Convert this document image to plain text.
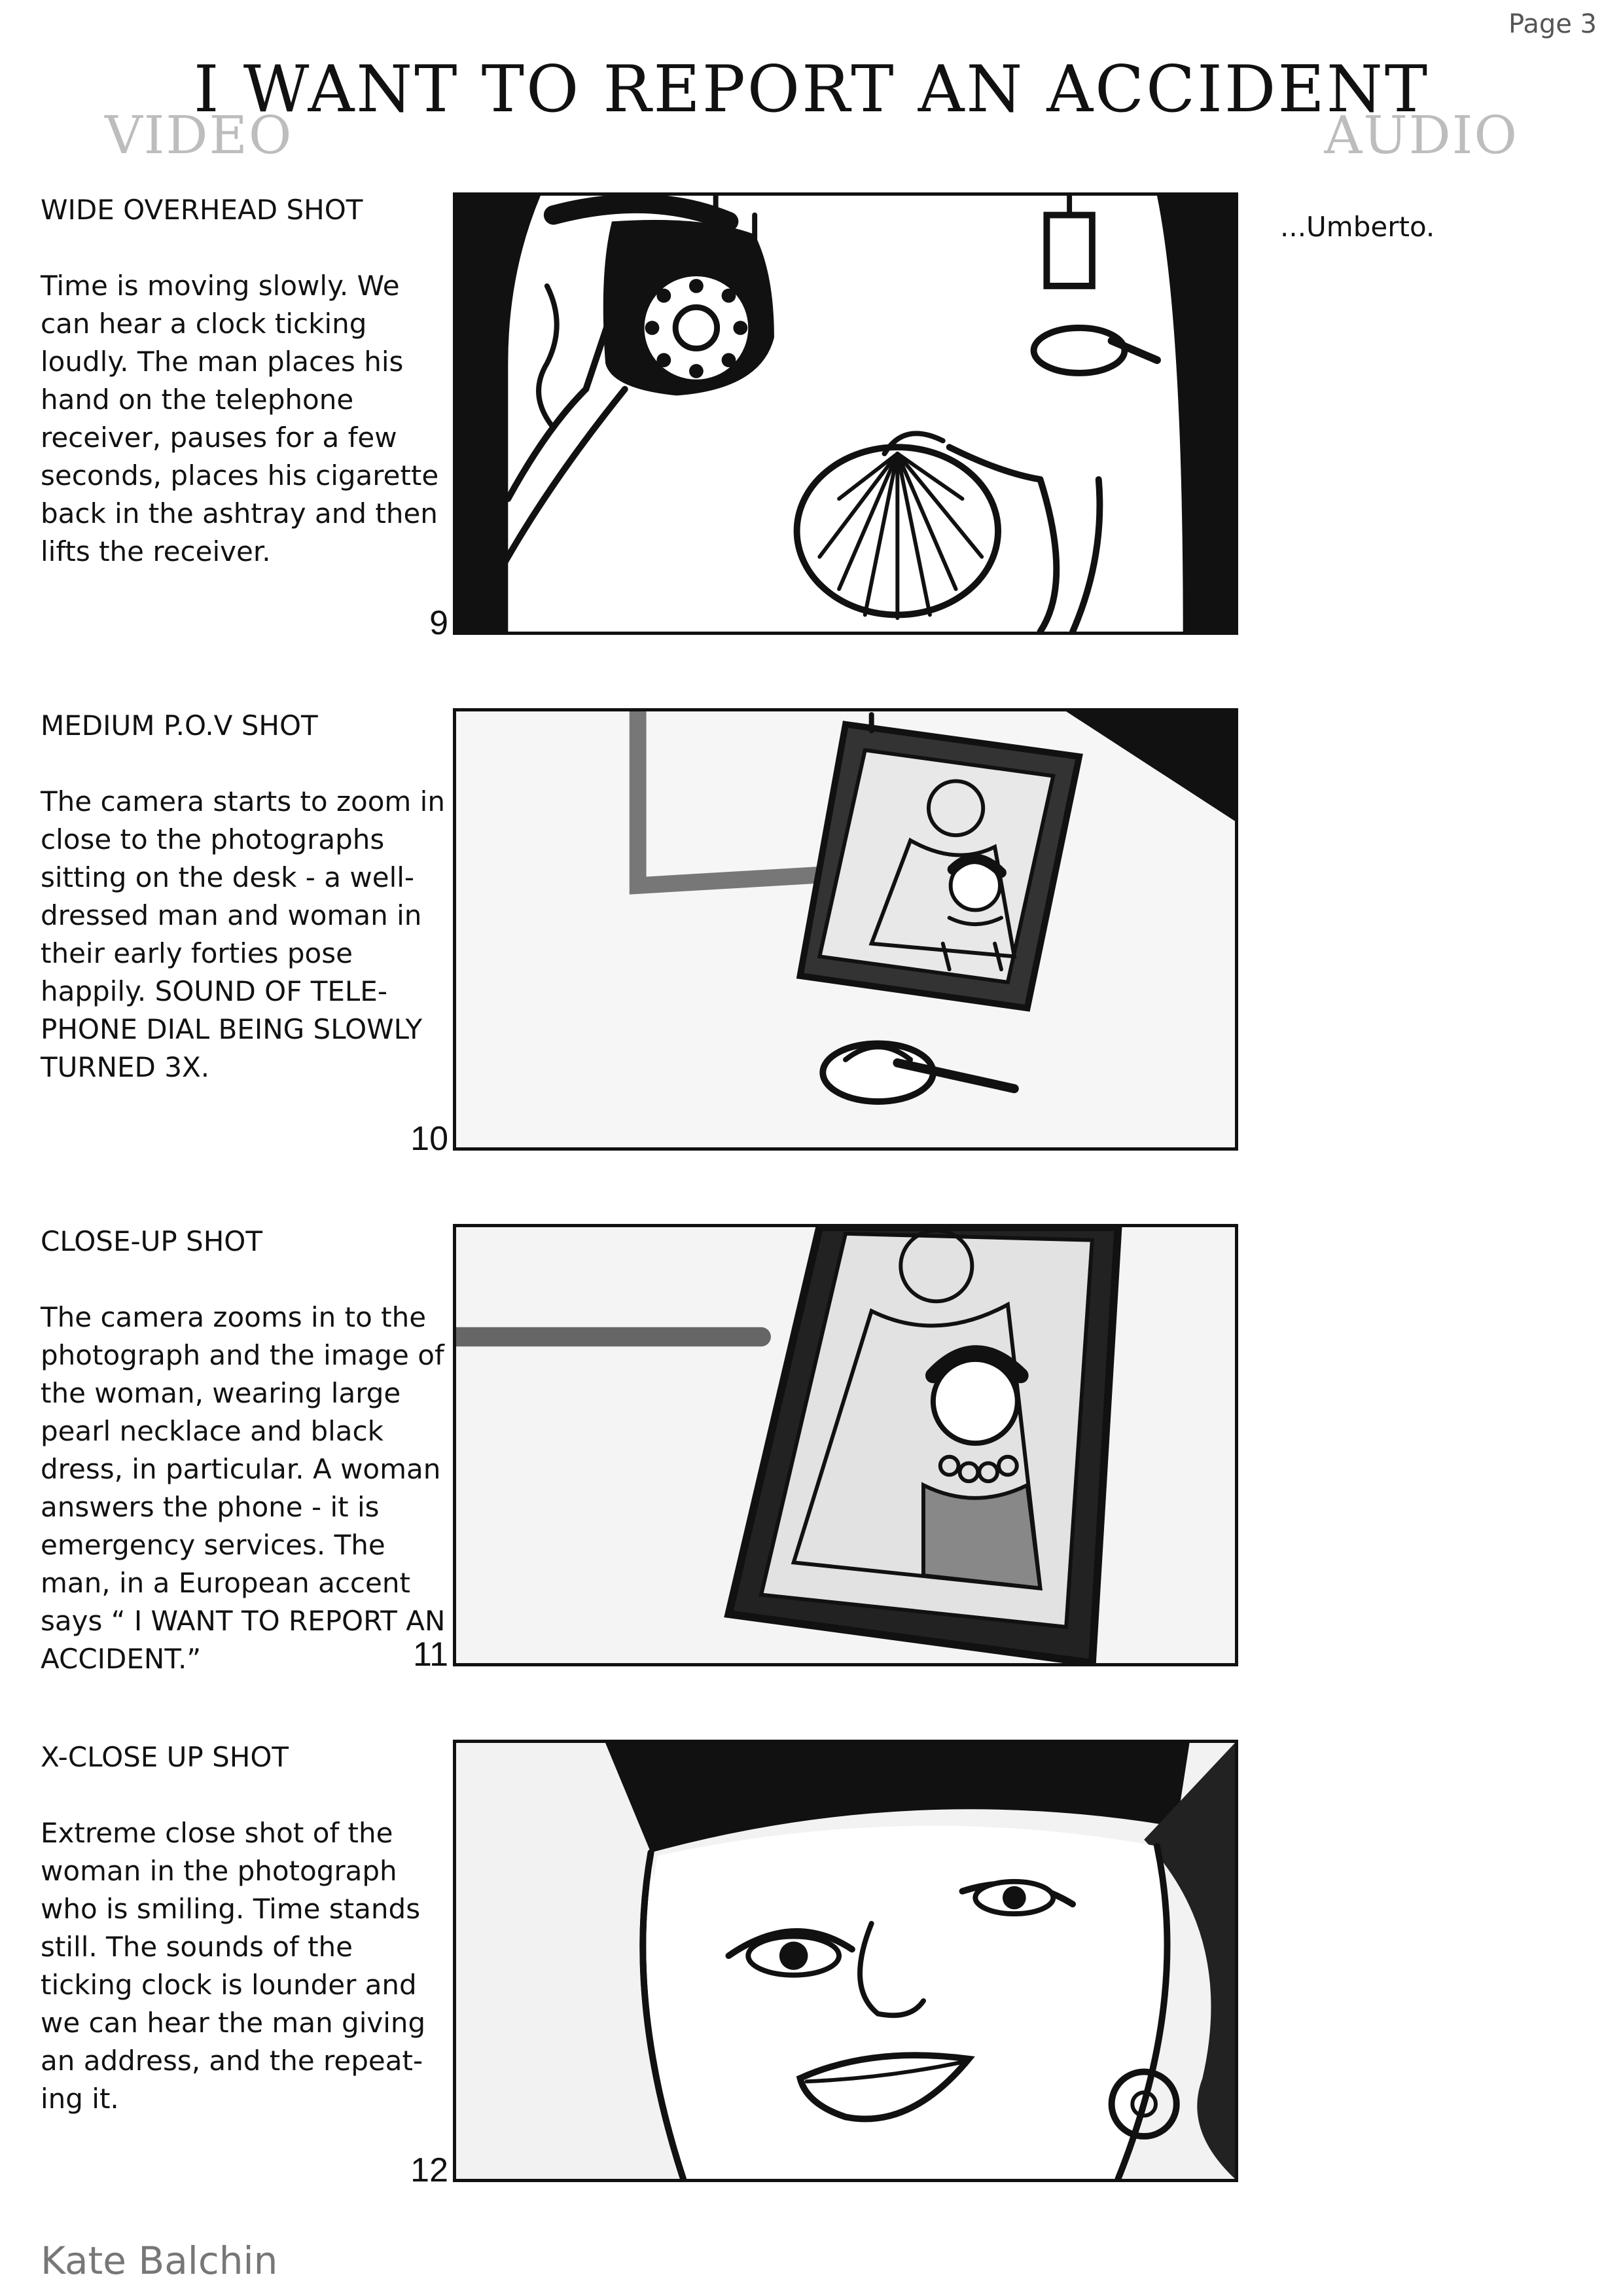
Page 3
I WANT TO REPORT AN ACCIDENT
VIDEO	AUDIO
WIDE OVERHEAD SHOT
Time is moving slowly. We can hear a clock ticking loudly. The man places his hand on the telephone receiver, pauses for a few seconds, places his cigarette back in the ashtray and then lifts the receiver.
9
...Umberto.
MEDIUM P.O.V SHOT
The camera starts to zoom in close to the photographs sitting on the desk - a well-dressed man and woman in their early forties pose happily. SOUND OF TELE-PHONE DIAL BEING SLOWLY TURNED 3X.
10
CLOSE-UP SHOT
The camera zooms in to the photograph and the image of the woman, wearing large pearl necklace and black dress, in particular. A woman answers the phone - it is emergency services. The man, in a European accent says “ I WANT TO REPORT AN ACCIDENT.”	11
X-CLOSE UP SHOT
Extreme close shot of the woman in the photograph who is smiling. Time stands still. The sounds of the ticking clock is lounder and we can hear the man giving an address, and the repeat-ing it.
12
Kate Balchin
